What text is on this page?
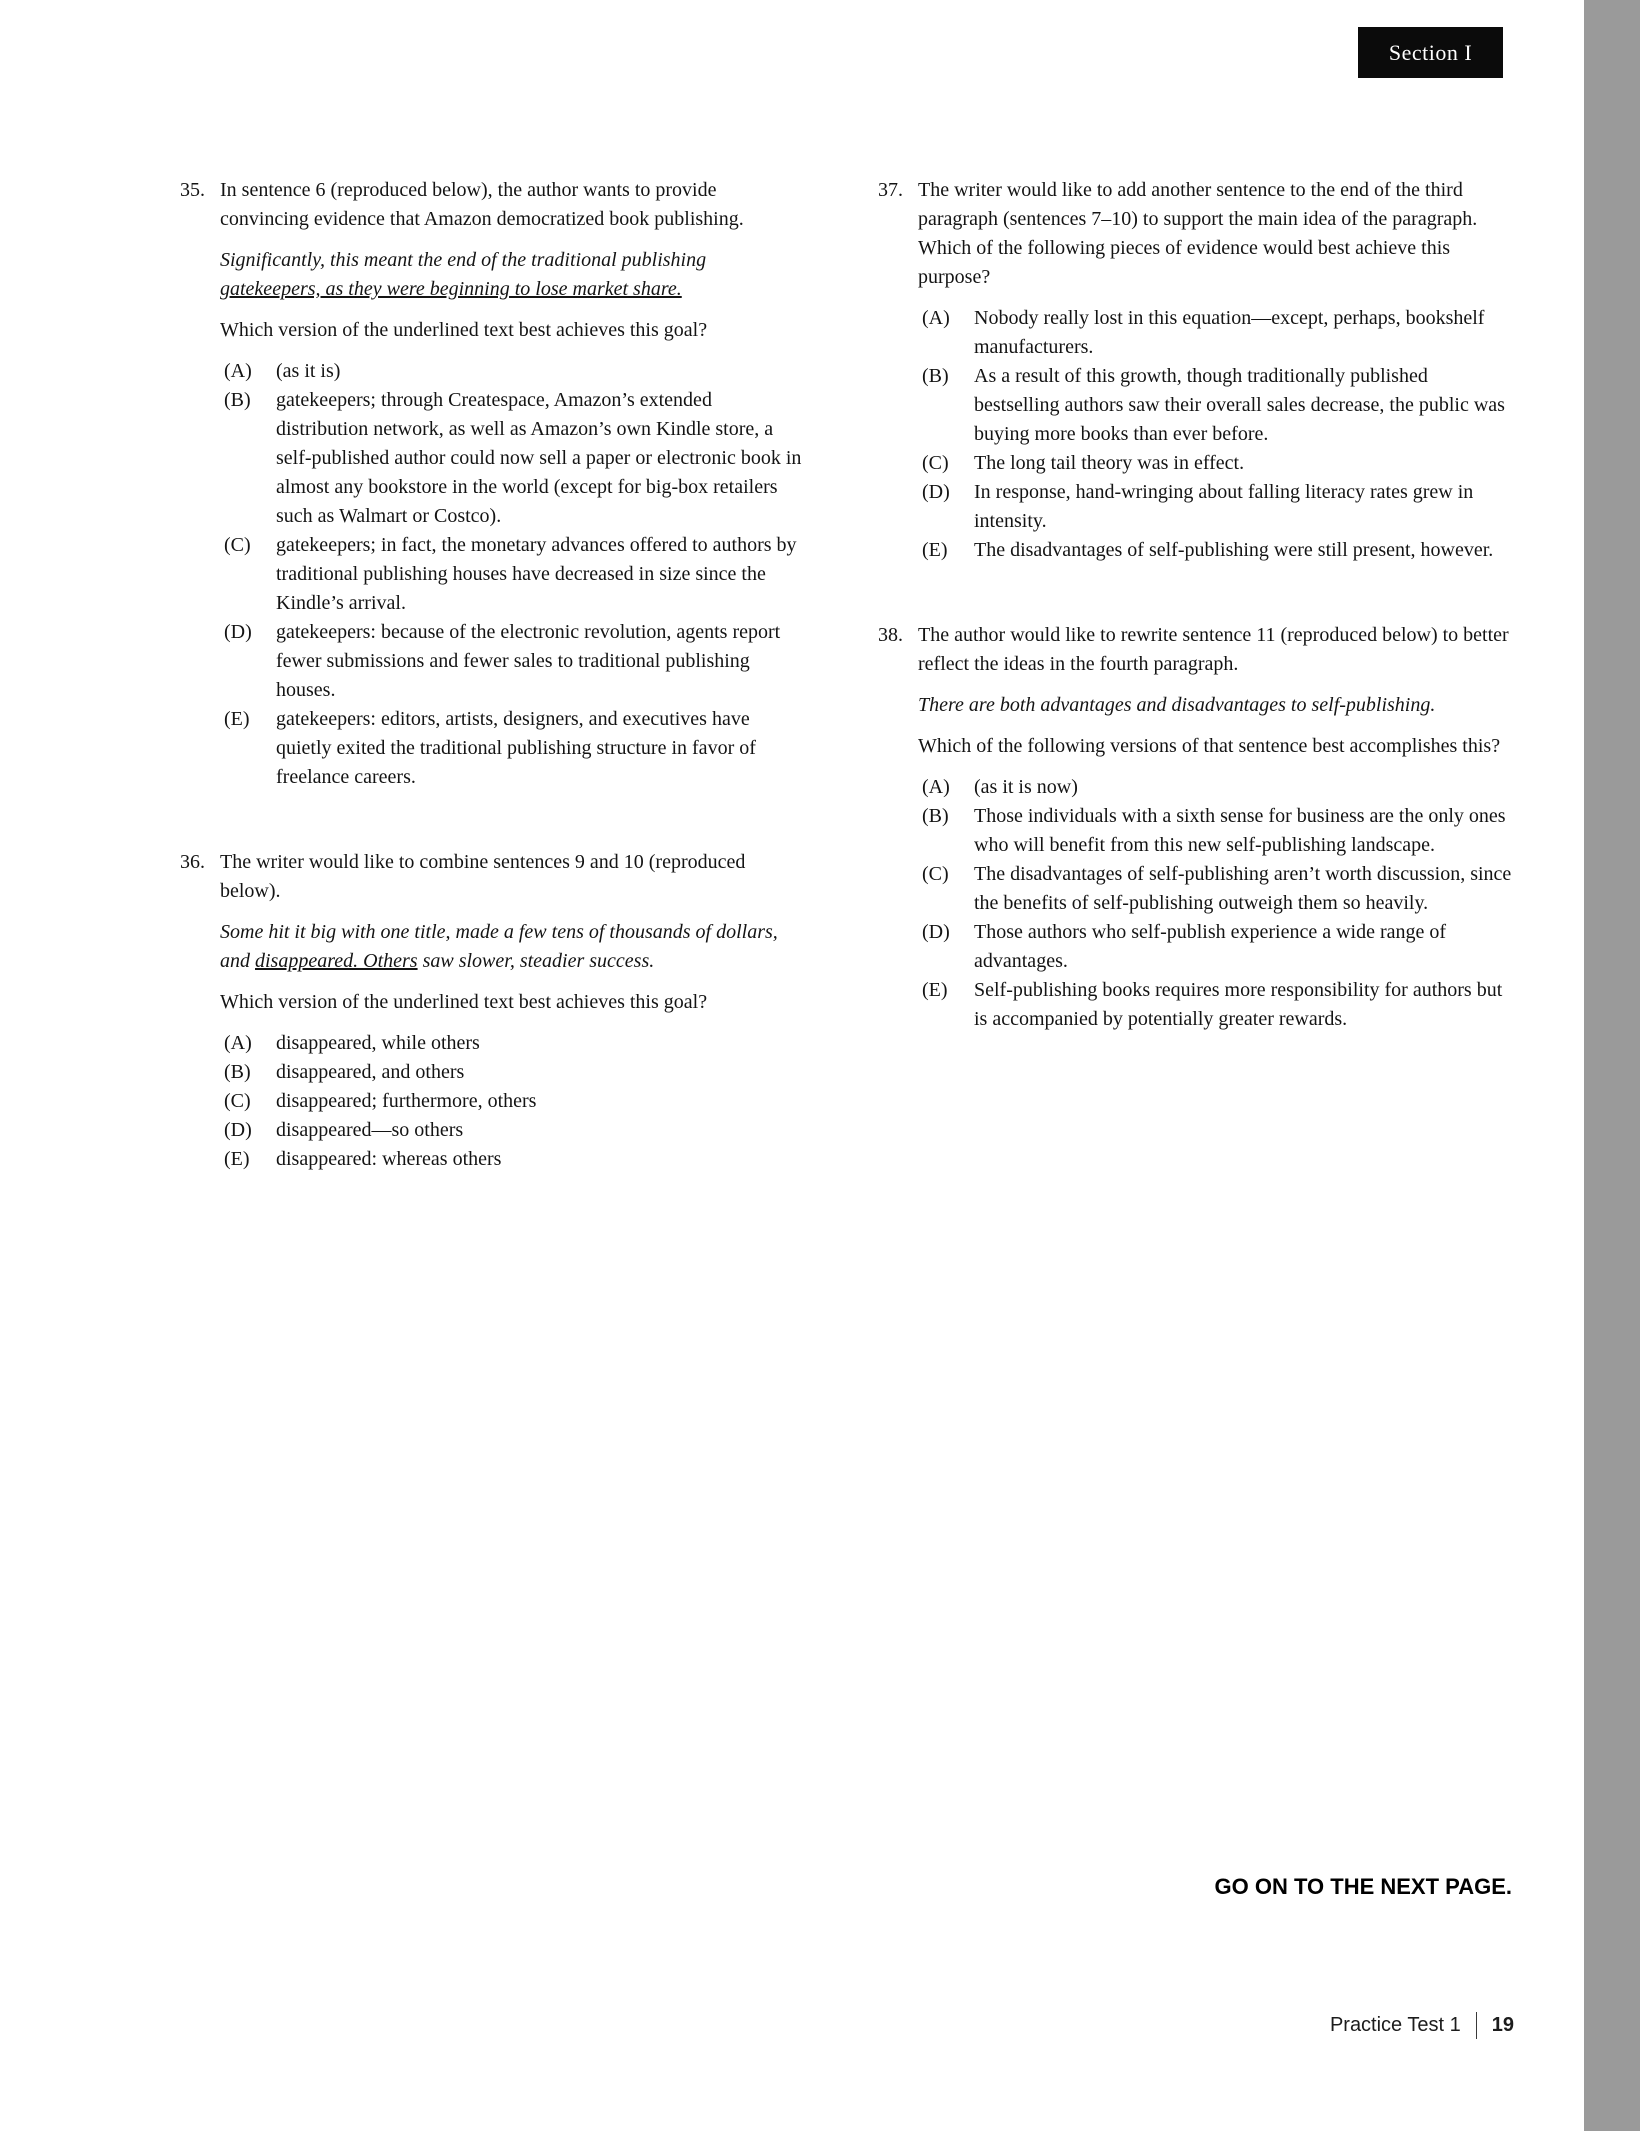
Section I
35. In sentence 6 (reproduced below), the author wants to provide convincing evidence that Amazon democratized book publishing.

Significantly, this meant the end of the traditional publishing gatekeepers, as they were beginning to lose market share.

Which version of the underlined text best achieves this goal?

(A)	(as it is)
(B)	gatekeepers; through Createspace, Amazon’s extended distribution network, as well as Amazon’s own Kindle store, a self-published author could now sell a paper or electronic book in almost any bookstore in the world (except for big-box retailers such as Walmart or Costco).
(C)	gatekeepers; in fact, the monetary advances offered to authors by traditional publishing houses have decreased in size since the Kindle’s arrival.
(D)	gatekeepers: because of the electronic revolution, agents report fewer submissions and fewer sales to traditional publishing houses.
(E)	gatekeepers: editors, artists, designers, and executives have quietly exited the traditional publishing structure in favor of freelance careers.
36. The writer would like to combine sentences 9 and 10 (reproduced below).

Some hit it big with one title, made a few tens of thousands of dollars, and disappeared. Others saw slower, steadier success.

Which version of the underlined text best achieves this goal?

(A)	disappeared, while others
(B)	disappeared, and others
(C)	disappeared; furthermore, others
(D)	disappeared—so others
(E)	disappeared: whereas others
37. The writer would like to add another sentence to the end of the third paragraph (sentences 7–10) to support the main idea of the paragraph. Which of the following pieces of evidence would best achieve this purpose?

(A)	Nobody really lost in this equation—except, perhaps, bookshelf manufacturers.
(B)	As a result of this growth, though traditionally published bestselling authors saw their overall sales decrease, the public was buying more books than ever before.
(C)	The long tail theory was in effect.
(D)	In response, hand-wringing about falling literacy rates grew in intensity.
(E)	The disadvantages of self-publishing were still present, however.
38. The author would like to rewrite sentence 11 (reproduced below) to better reflect the ideas in the fourth paragraph.

There are both advantages and disadvantages to self-publishing.

Which of the following versions of that sentence best accomplishes this?

(A)	(as it is now)
(B)	Those individuals with a sixth sense for business are the only ones who will benefit from this new self-publishing landscape.
(C)	The disadvantages of self-publishing aren’t worth discussion, since the benefits of self-publishing outweigh them so heavily.
(D)	Those authors who self-publish experience a wide range of advantages.
(E)	Self-publishing books requires more responsibility for authors but is accompanied by potentially greater rewards.
GO ON TO THE NEXT PAGE.
Practice Test 1 19
